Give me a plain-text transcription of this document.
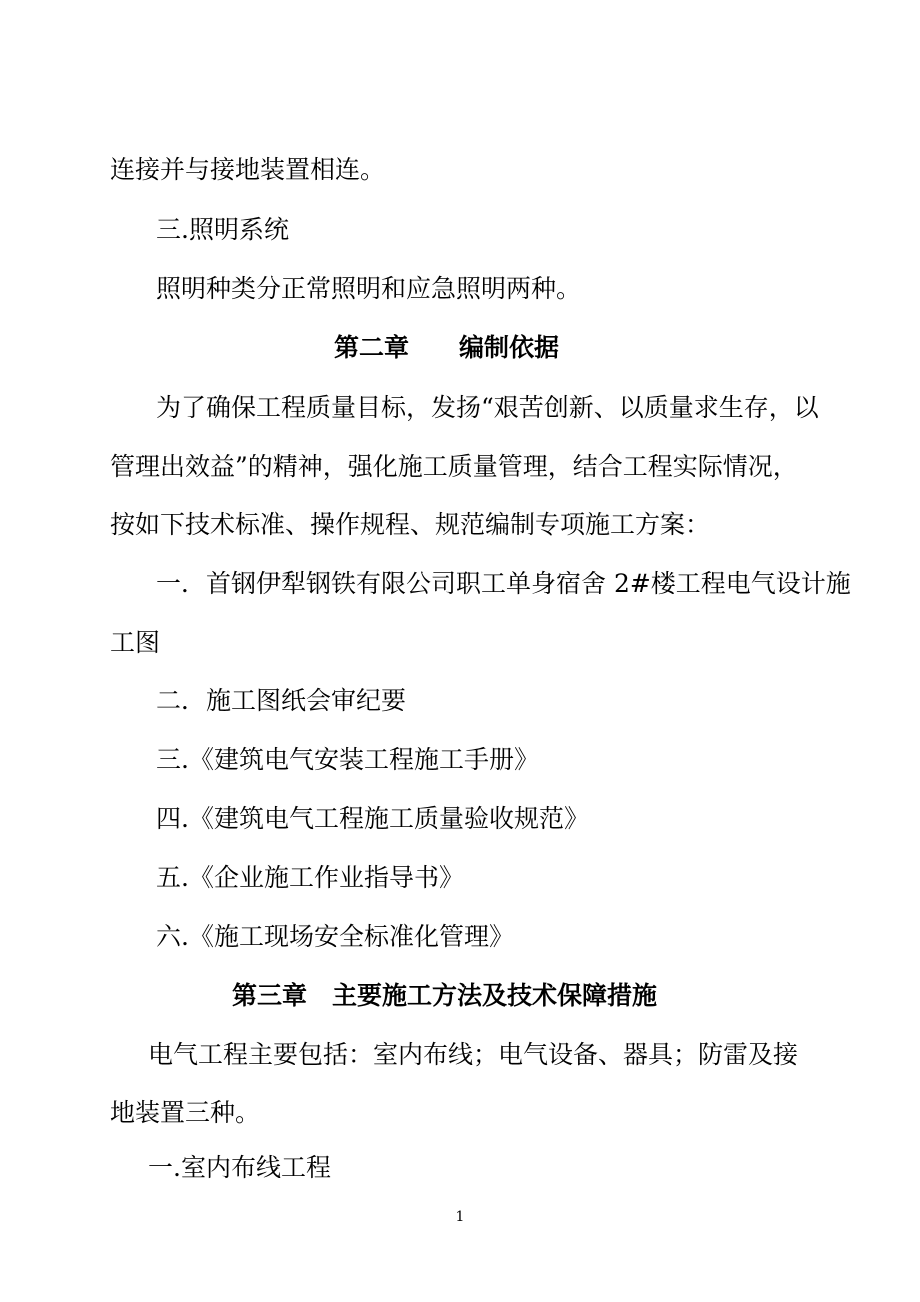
连接并与接地装置相连。

三.照明系统

照明种类分正常照明和应急照明两种。

第二章　　编制依据

为了确保工程质量目标，发扬“艰苦创新、以质量求生存，以

管理出效益”的精神，强化施工质量管理，结合工程实际情况，

按如下技术标准、操作规程、规范编制专项施工方案：

一．首钢伊犁钢铁有限公司职工单身宿舍 2#楼工程电气设计施

工图

二．施工图纸会审纪要

三.《建筑电气安装工程施工手册》

四.《建筑电气工程施工质量验收规范》

五.《企业施工作业指导书》

六.《施工现场安全标准化管理》

第三章　主要施工方法及技术保障措施

电气工程主要包括：室内布线；电气设备、器具；防雷及接

地装置三种。

一.室内布线工程

1
